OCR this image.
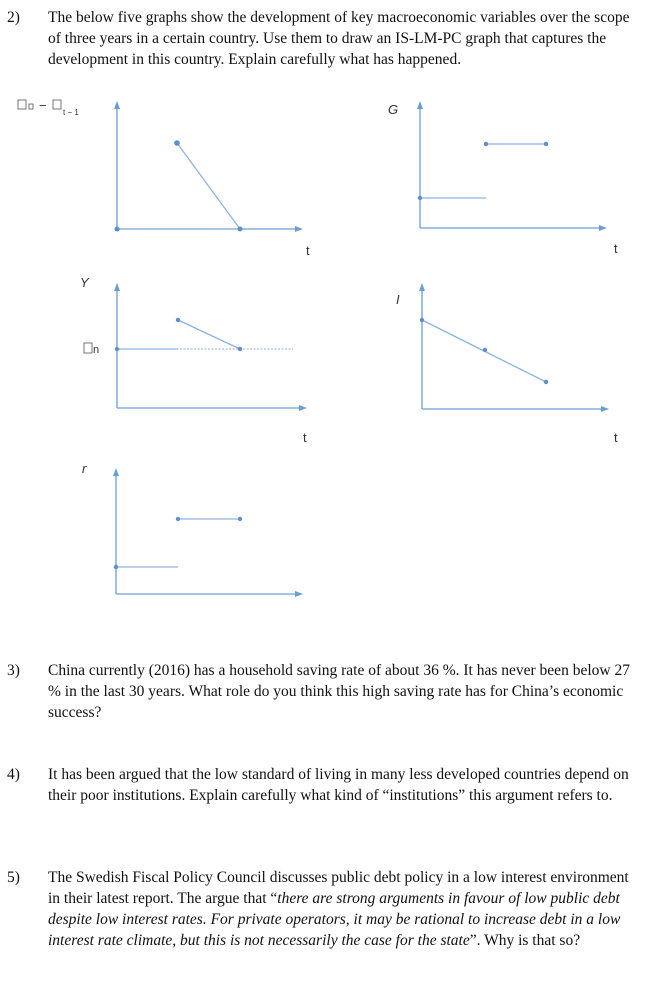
2) The below five graphs show the development of key macroeconomic variables over the scope of three years in a certain country. Use them to draw an IS-LM-PC graph that captures the development in this country. Explain carefully what has happened.
− t − 1
t
G
t
Y
n
t
I
t
r
3) China currently (2016) has a household saving rate of about 36 %. It has never been below 27 % in the last 30 years. What role do you think this high saving rate has for China’s economic success?
4) It has been argued that the low standard of living in many less developed countries depend on their poor institutions. Explain carefully what kind of “institutions” this argument refers to.
5) The Swedish Fiscal Policy Council discusses public debt policy in a low interest environment in their latest report. The argue that “there are strong arguments in favour of low public debt despite low interest rates. For private operators, it may be rational to increase debt in a low interest rate climate, but this is not necessarily the case for the state”. Why is that so?
